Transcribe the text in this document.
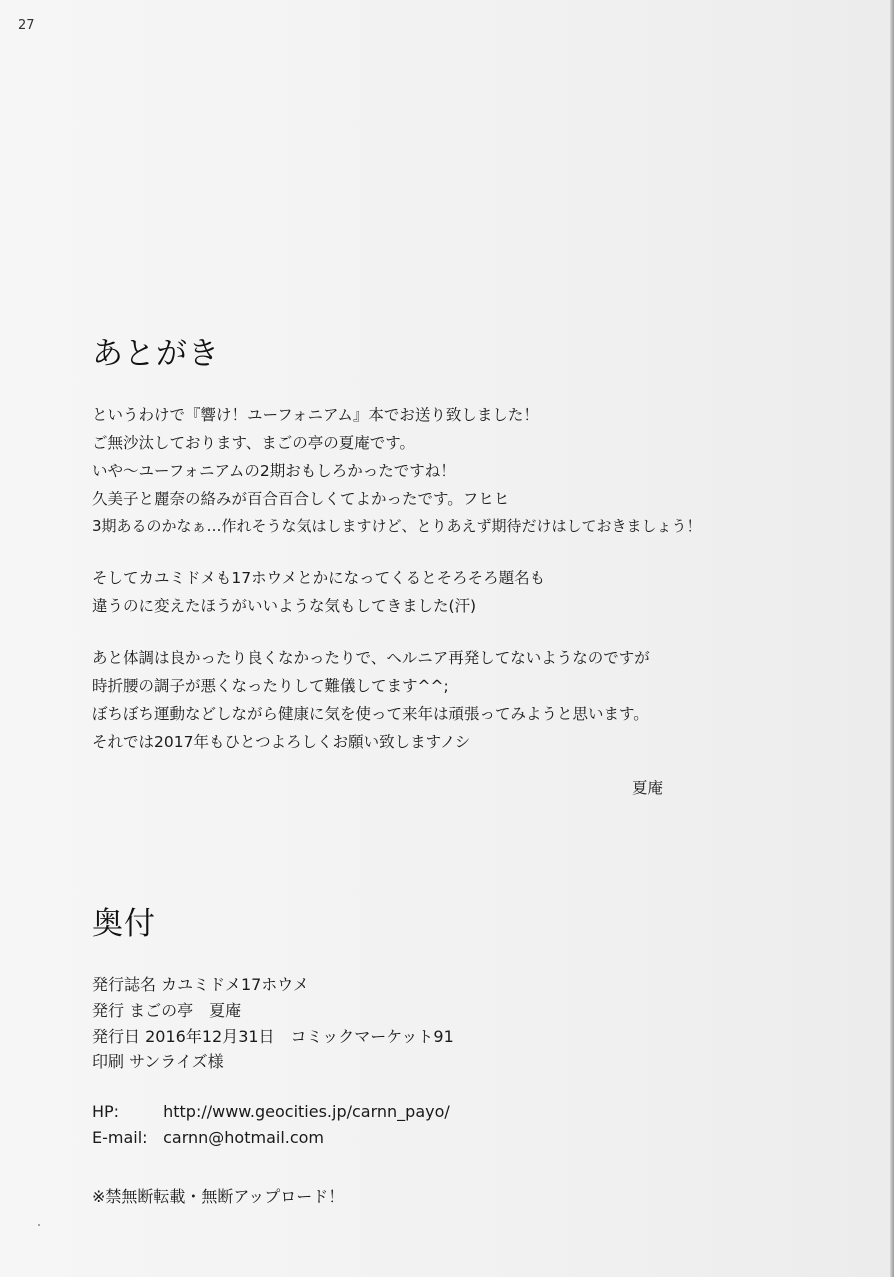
27
あとがき

というわけで『響け！ユーフォニアム』本でお送り致しました！

ご無沙汰しております、まごの亭の夏庵です。

いや～ユーフォニアムの2期おもしろかったですね！

久美子と麗奈の絡みが百合百合しくてよかったです。フヒヒ

3期あるのかなぁ…作れそうな気はしますけど、とりあえず期待だけはしておきましょう！

そしてカユミドメも17ホウメとかになってくるとそろそろ題名も

違うのに変えたほうがいいような気もしてきました(汗)

あと体調は良かったり良くなかったりで、ヘルニア再発してないようなのですが

時折腰の調子が悪くなったりして難儀してます^^;

ぼちぼち運動などしながら健康に気を使って来年は頑張ってみようと思います。

それでは2017年もひとつよろしくお願い致しますノシ

夏庵

奥付

発行誌名 カユミドメ17ホウメ

発行 まごの亭　夏庵

発行日 2016年12月31日　コミックマーケット91

印刷 サンライズ様

HP:	http://www.geocities.jp/carnn_payo/

E-mail: carnn@hotmail.com

※禁無断転載・無断アップロード！
